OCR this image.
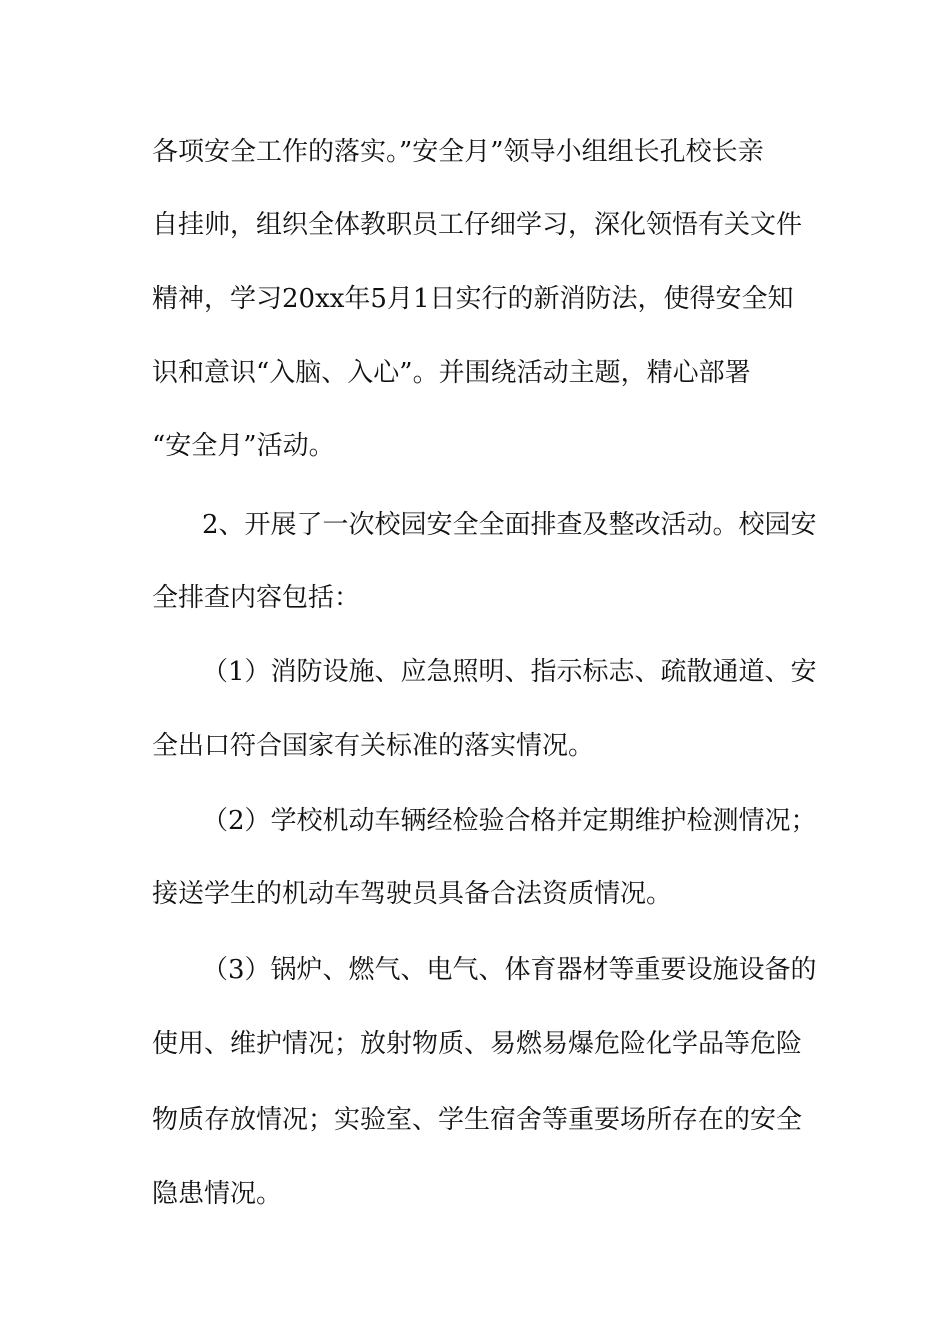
各项安全工作的落实。”安全月”领导小组组长孔校长亲
自挂帅，组织全体教职员工仔细学习，深化领悟有关文件
精神，学习20xx年5月1日实行的新消防法，使得安全知
识和意识“入脑、入心”。并围绕活动主题，精心部署
“安全月”活动。
2、开展了一次校园安全全面排查及整改活动。校园安
全排查内容包括：
（1）消防设施、应急照明、指示标志、疏散通道、安
全出口符合国家有关标准的落实情况。
（2）学校机动车辆经检验合格并定期维护检测情况；
接送学生的机动车驾驶员具备合法资质情况。
（3）锅炉、燃气、电气、体育器材等重要设施设备的
使用、维护情况；放射物质、易燃易爆危险化学品等危险
物质存放情况；实验室、学生宿舍等重要场所存在的安全
隐患情况。
